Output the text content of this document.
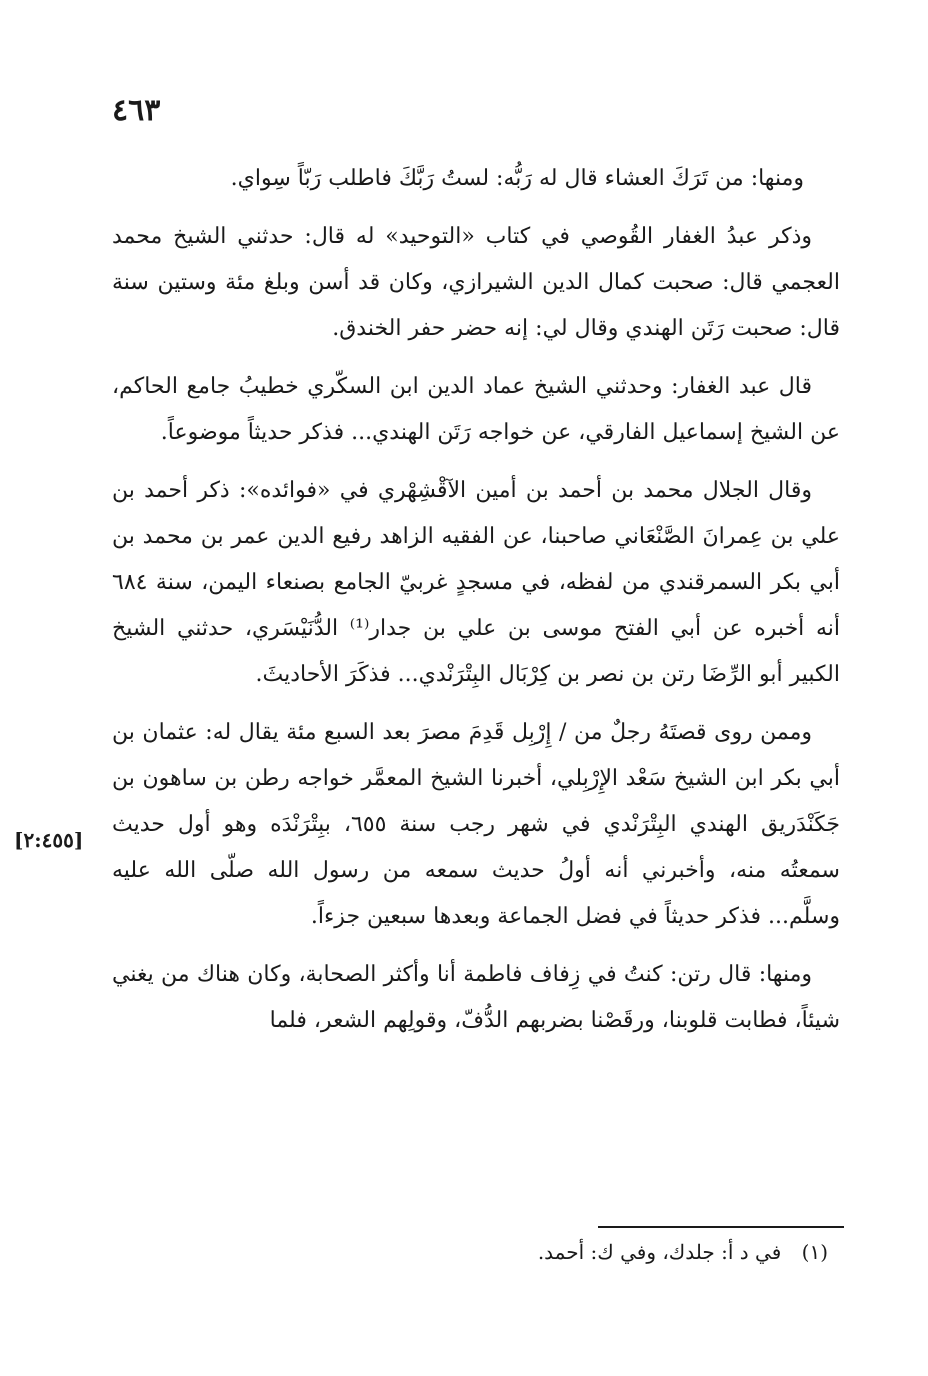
٤٦٣
[٢:٤٥٥]

ومنها: من تَرَكَ العشاء قال له رَبُّه: لستُ رَبَّكَ فاطلب رَبّاً سِواي.

وذكر عبدُ الغفار القُوصي في كتاب «التوحيد» له قال: حدثني الشيخ محمد العجمي قال: صحبت كمال الدين الشيرازي، وكان قد أسن وبلغ مئة وستين سنة قال: صحبت رَتَن الهندي وقال لي: إنه حضر حفر الخندق.

قال عبد الغفار: وحدثني الشيخ عماد الدين ابن السكّري خطيبُ جامع الحاكم، عن الشيخ إسماعيل الفارقي، عن خواجه رَتَن الهندي... فذكر حديثاً موضوعاً.

وقال الجلال محمد بن أحمد بن أمين الآقْشِهْري في «فوائده»: ذكر أحمد بن علي بن عِمرانَ الصَّنْعَاني صاحبنا، عن الفقيه الزاهد رفيع الدين عمر بن محمد بن أبي بكر السمرقندي من لفظه، في مسجدٍ غربيّ الجامع بصنعاء اليمن، سنة ٦٨٤ أنه أخبره عن أبي الفتح موسى بن علي بن جدار⁽¹⁾ الدُّنَيْسَري، حدثني الشيخ الكبير أبو الرِّضَا رتن بن نصر بن كِرْبَال البِتْرَنْدي... فذكَرَ الأحاديثَ.

وممن روى قصتَهُ رجلٌ من / إِرْبِل قَدِمَ مصرَ بعد السبع مئة يقال له: عثمان بن أبي بكر ابن الشيخ سَعْد الإِرْبِلي، أخبرنا الشيخ المعمَّر خواجه رطن بن ساهون بن جَكَنْدَريق الهندي البِتْرَنْدي في شهر رجب سنة ٦٥٥، ببِتْرَنْدَه وهو أول حديث سمعتُه منه، وأخبرني أنه أولُ حديث سمعه من رسول الله صلّى الله عليه وسلَّم... فذكر حديثاً في فضل الجماعة وبعدها سبعين جزءاً.

ومنها: قال رتن: كنتُ في زِفاف فاطمة أنا وأكثر الصحابة، وكان هناك من يغني شيئاً، فطابت قلوبنا، ورقَصْنا بضربهم الدُّفّ، وقولِهم الشعر، فلما

(١) في د أ: جلدك، وفي ك: أحمد.
